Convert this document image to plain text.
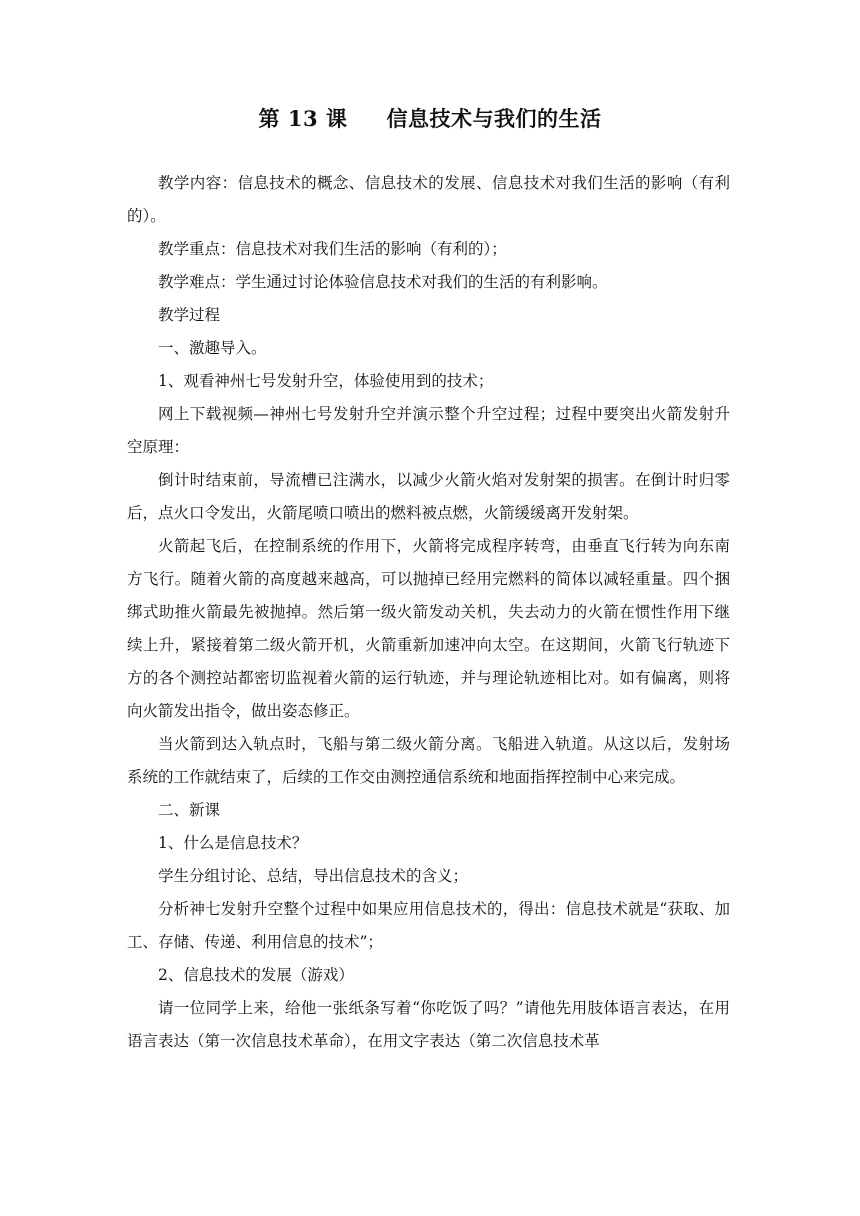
第 13 课     信息技术与我们的生活

教学内容：信息技术的概念、信息技术的发展、信息技术对我们生活的影响（有利的）。

教学重点：信息技术对我们生活的影响（有利的）；

教学难点：学生通过讨论体验信息技术对我们的生活的有利影响。

教学过程

一、激趣导入。

1、观看神州七号发射升空，体验使用到的技术；

网上下载视频—神州七号发射升空并演示整个升空过程；过程中要突出火箭发射升空原理：

倒计时结束前，导流槽已注满水，以减少火箭火焰对发射架的损害。在倒计时归零后，点火口令发出，火箭尾喷口喷出的燃料被点燃，火箭缓缓离开发射架。

火箭起飞后，在控制系统的作用下，火箭将完成程序转弯，由垂直飞行转为向东南方飞行。随着火箭的高度越来越高，可以抛掉已经用完燃料的简体以减轻重量。四个捆绑式助推火箭最先被抛掉。然后第一级火箭发动关机，失去动力的火箭在惯性作用下继续上升，紧接着第二级火箭开机，火箭重新加速冲向太空。在这期间，火箭飞行轨迹下方的各个测控站都密切监视着火箭的运行轨迹，并与理论轨迹相比对。如有偏离，则将向火箭发出指令，做出姿态修正。

当火箭到达入轨点时，飞船与第二级火箭分离。飞船进入轨道。从这以后，发射场系统的工作就结束了，后续的工作交由测控通信系统和地面指挥控制中心来完成。

二、新课

1、什么是信息技术？

学生分组讨论、总结，导出信息技术的含义；

分析神七发射升空整个过程中如果应用信息技术的，得出：信息技术就是“获取、加工、存储、传递、利用信息的技术”；

2、信息技术的发展（游戏）

请一位同学上来，给他一张纸条写着“你吃饭了吗？”请他先用肢体语言表达，在用语言表达（第一次信息技术革命），在用文字表达（第二次信息技术革
